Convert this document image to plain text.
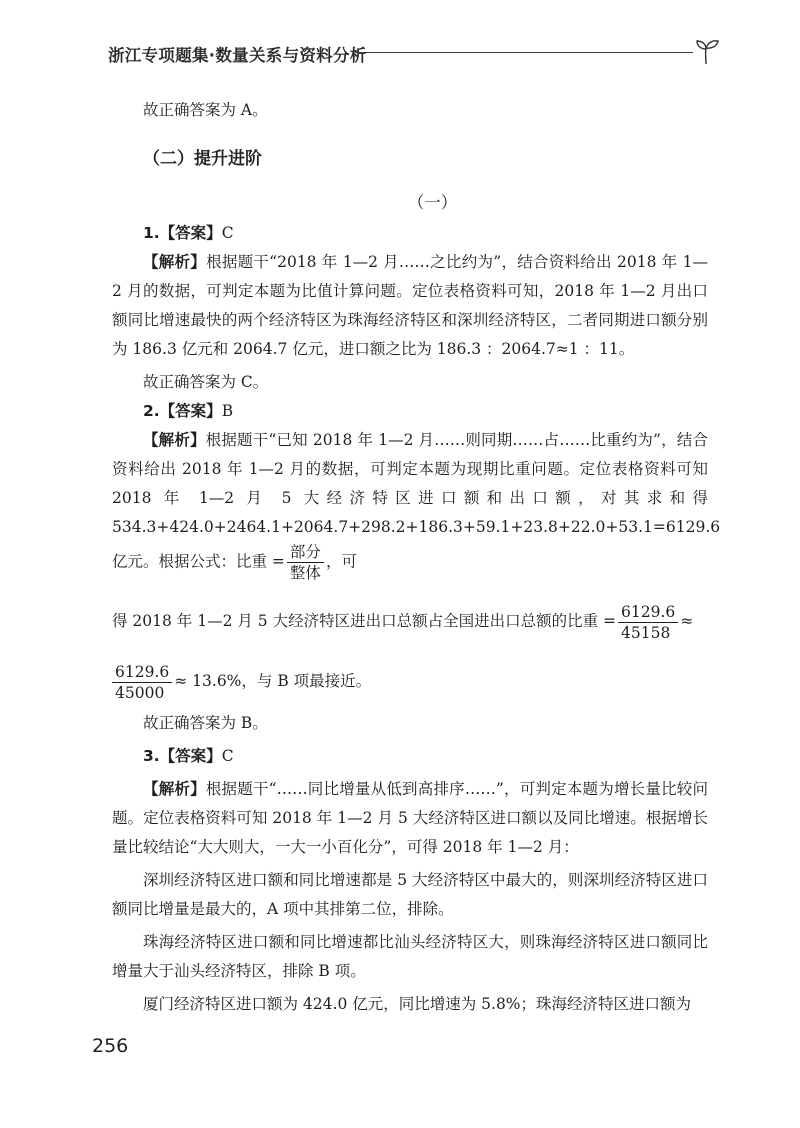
浙江专项题集·数量关系与资料分析

故正确答案为 A。

（二）提升进阶

（一）

1.【答案】C

【解析】根据题干“2018 年 1—2 月……之比约为”，结合资料给出 2018 年 1—2 月的数据，可判定本题为比值计算问题。定位表格资料可知，2018 年 1—2 月出口额同比增速最快的两个经济特区为珠海经济特区和深圳经济特区，二者同期进口额分别为 186.3 亿元和 2064.7 亿元，进口额之比为 186.3 ：2064.7≈1 ：11。

故正确答案为 C。

2.【答案】B

【解析】根据题干“已知 2018 年 1—2 月……则同期……占……比重约为”，结合资料给出 2018 年 1—2 月的数据，可判定本题为现期比重问题。定位表格资料可知 2018 年 1—2 月 5 大经济特区进口额和出口额，对其求和得 534.3+424.0+2464.1+2064.7+298.2+186.3+59.1+23.8+22.0+53.1=6129.6 亿元。根据公式：比重 = $\frac{\text{部分}}{\text{整体}}$ ，可

得 2018 年 1—2 月 5 大经济特区进出口总额占全国进出口总额的比重 = $\frac{6129.6}{45158}$ ≈

$\frac{6129.6}{45000} \approx 13.6\%$，与 B 项最接近。

故正确答案为 B。

3.【答案】C

【解析】根据题干“……同比增量从低到高排序……”，可判定本题为增长量比较问题。定位表格资料可知 2018 年 1—2 月 5 大经济特区进口额以及同比增速。根据增长量比较结论“大大则大，一大一小百化分”，可得 2018 年 1—2 月：

深圳经济特区进口额和同比增速都是 5 大经济特区中最大的，则深圳经济特区进口额同比增量是最大的，A 项中其排第二位，排除。

珠海经济特区进口额和同比增速都比汕头经济特区大，则珠海经济特区进口额同比增量大于汕头经济特区，排除 B 项。

厦门经济特区进口额为 424.0 亿元，同比增速为 5.8%；珠海经济特区进口额为

256
